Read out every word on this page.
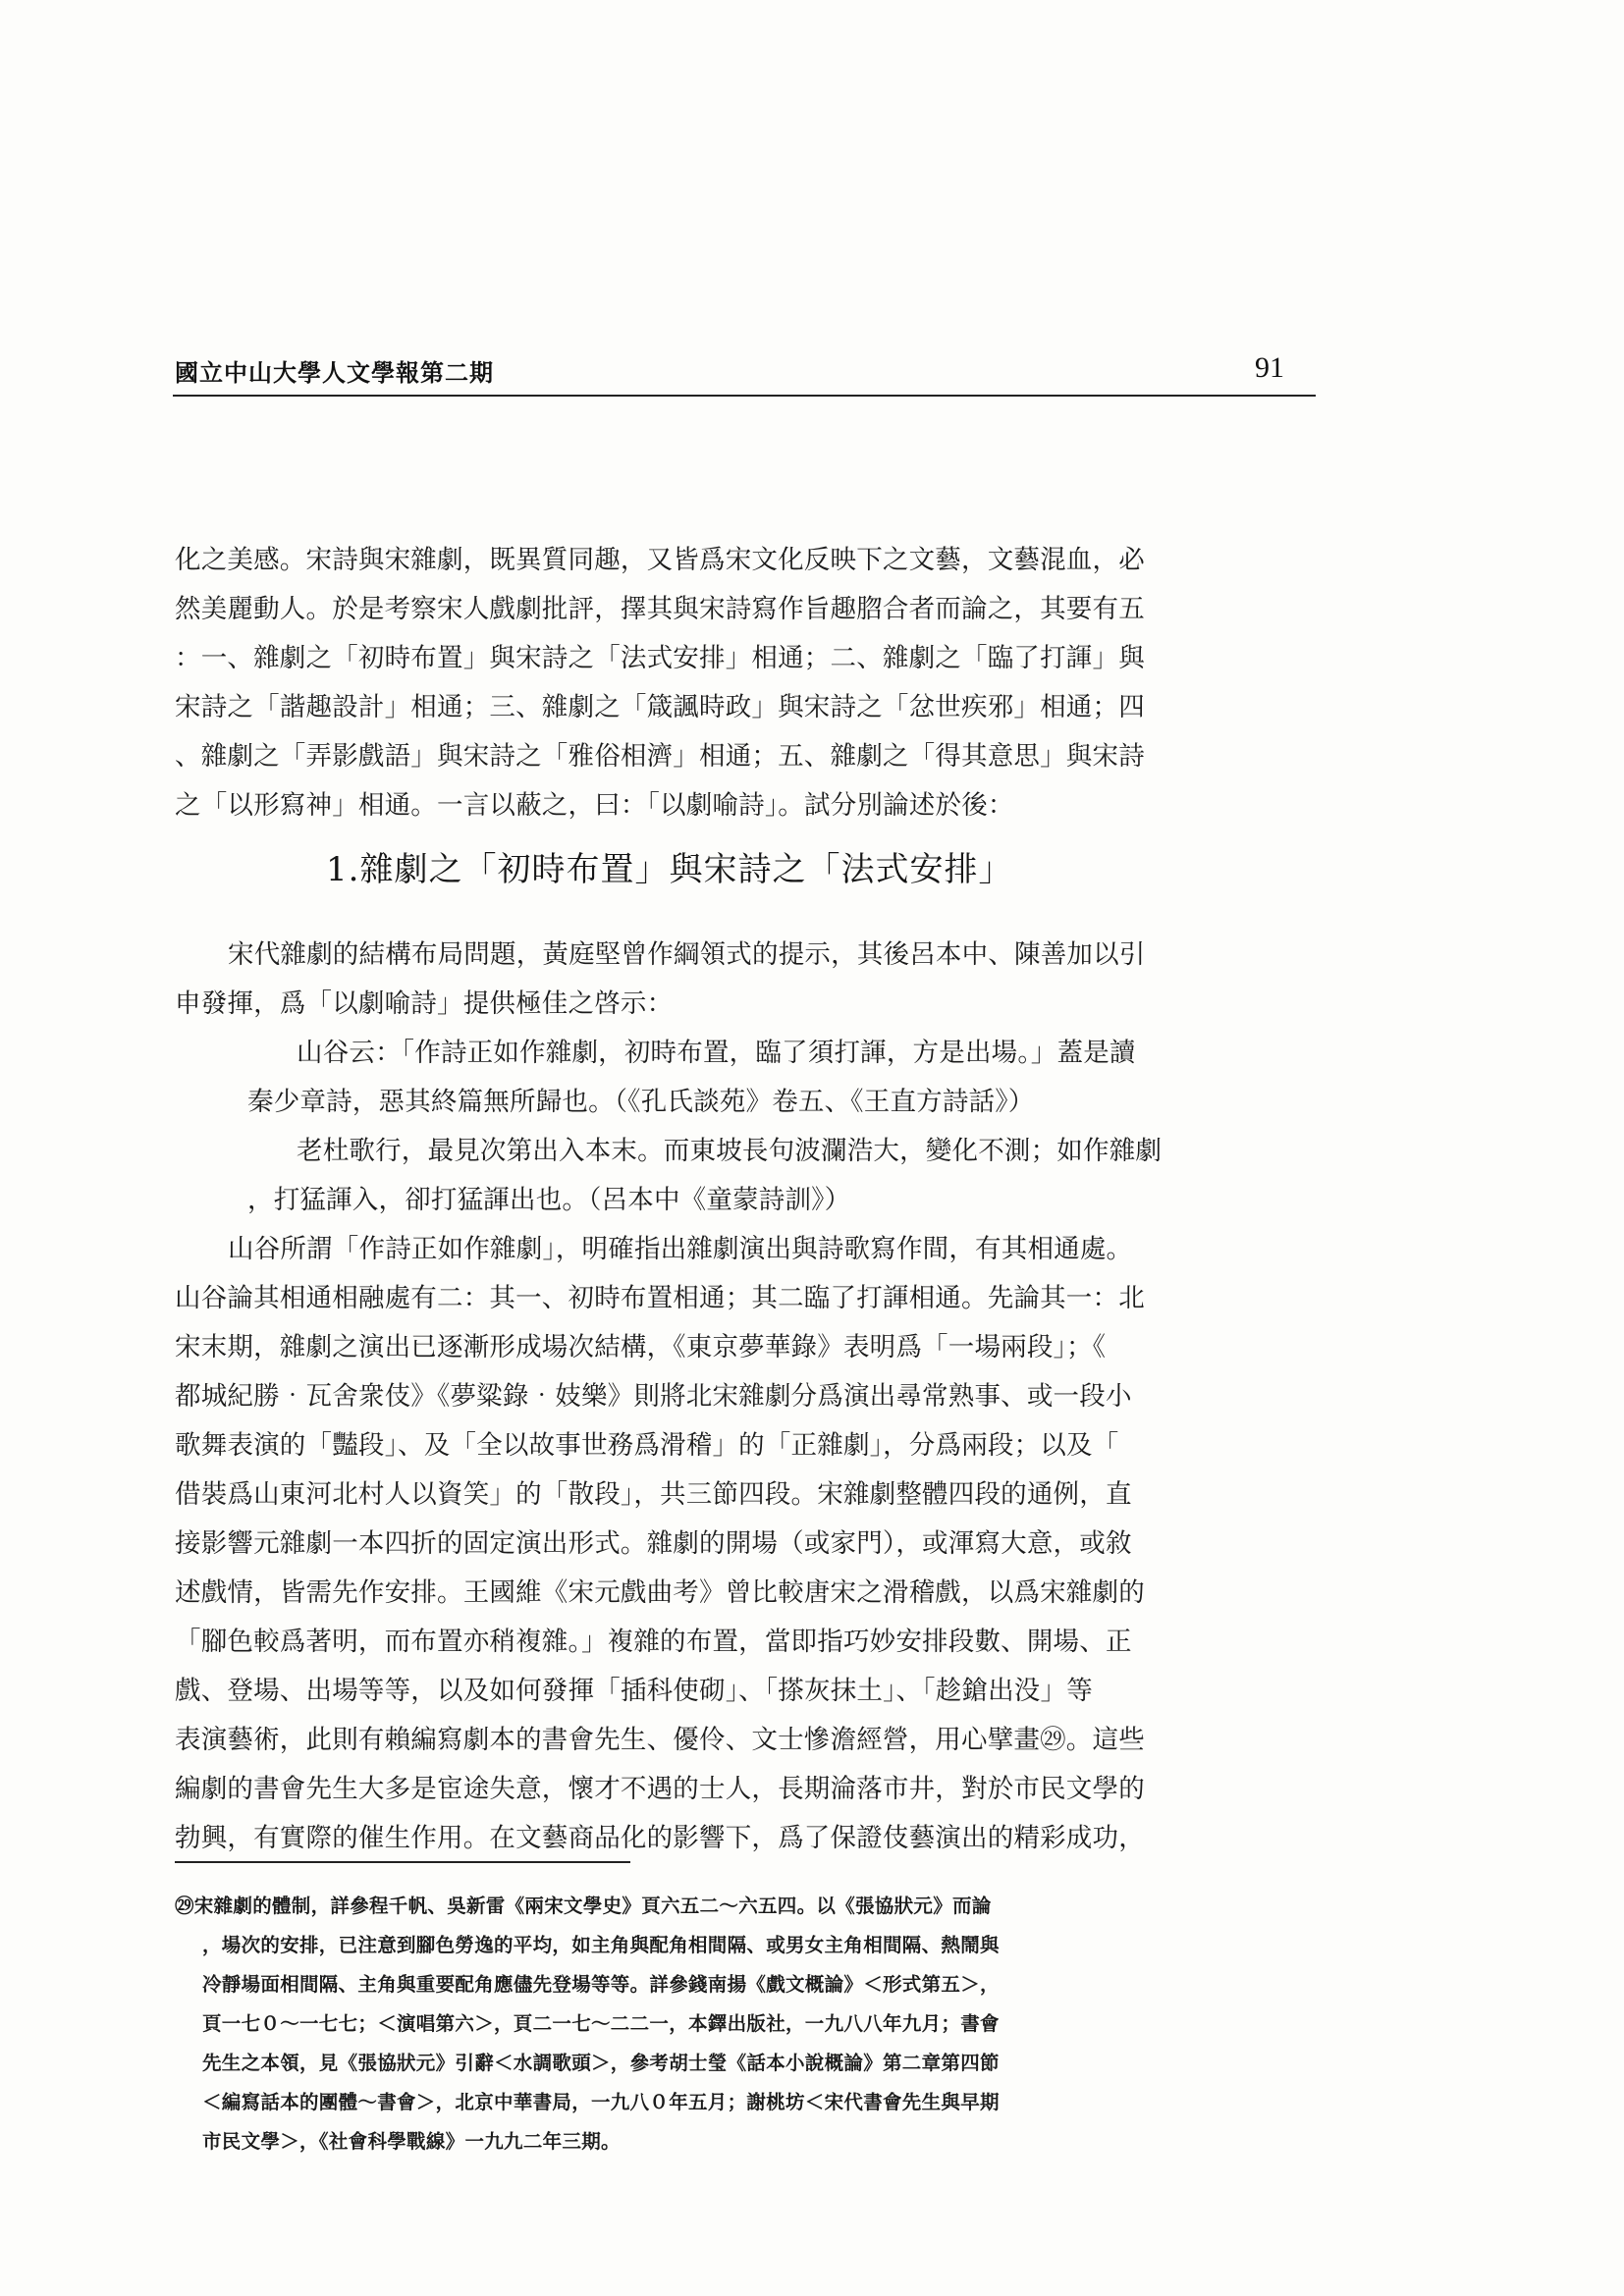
國立中山大學人文學報第二期	91
化之美感。宋詩與宋雜劇，既異質同趣，又皆爲宋文化反映下之文藝，文藝混血，必
然美麗動人。於是考察宋人戲劇批評，擇其與宋詩寫作旨趣脗合者而論之，其要有五
：一、雜劇之「初時布置」與宋詩之「法式安排」相通；二、雜劇之「臨了打諢」與
宋詩之「諧趣設計」相通；三、雜劇之「箴諷時政」與宋詩之「忿世疾邪」相通；四
、雜劇之「弄影戲語」與宋詩之「雅俗相濟」相通；五、雜劇之「得其意思」與宋詩
之「以形寫神」相通。一言以蔽之，曰：「以劇喻詩」。試分別論述於後：
1.雜劇之「初時布置」與宋詩之「法式安排」
宋代雜劇的結構布局問題，黃庭堅曾作綱領式的提示，其後呂本中、陳善加以引
申發揮，爲「以劇喻詩」提供極佳之啓示：
山谷云：「作詩正如作雜劇，初時布置，臨了須打諢，方是出場。」蓋是讀
秦少章詩，惡其終篇無所歸也。（《孔氏談苑》卷五、《王直方詩話》）
老杜歌行，最見次第出入本末。而東坡長句波瀾浩大，變化不測；如作雜劇
，打猛諢入，卻打猛諢出也。（呂本中《童蒙詩訓》）
山谷所謂「作詩正如作雜劇」，明確指出雜劇演出與詩歌寫作間，有其相通處。
山谷論其相通相融處有二：其一、初時布置相通；其二臨了打諢相通。先論其一：北
宋末期，雜劇之演出已逐漸形成場次結構，《東京夢華錄》表明爲「一場兩段」；《
都城紀勝‧瓦舍衆伎》《夢粱錄‧妓樂》則將北宋雜劇分爲演出尋常熟事、或一段小
歌舞表演的「豔段」、及「全以故事世務爲滑稽」的「正雜劇」，分爲兩段；以及「
借裝爲山東河北村人以資笑」的「散段」，共三節四段。宋雜劇整體四段的通例，直
接影響元雜劇一本四折的固定演出形式。雜劇的開場（或家門），或渾寫大意，或敘
述戲情，皆需先作安排。王國維《宋元戲曲考》曾比較唐宋之滑稽戲，以爲宋雜劇的
「腳色較爲著明，而布置亦稍複雜。」複雜的布置，當即指巧妙安排段數、開場、正
戲、登場、出場等等，以及如何發揮「插科使砌」、「搽灰抹土」、「趁鎗出没」等
表演藝術，此則有賴編寫劇本的書會先生、優伶、文士慘澹經營，用心擘畫㉙。這些
編劇的書會先生大多是宦途失意，懷才不遇的士人，長期淪落市井，對於市民文學的
勃興，有實際的催生作用。在文藝商品化的影響下，爲了保證伎藝演出的精彩成功，
㉙宋雜劇的體制，詳參程千帆、吳新雷《兩宋文學史》頁六五二～六五四。以《張協狀元》而論
，場次的安排，已注意到腳色勞逸的平均，如主角與配角相間隔、或男女主角相間隔、熱鬧與
冷靜場面相間隔、主角與重要配角應儘先登場等等。詳參錢南揚《戲文概論》＜形式第五＞，
頁一七０～一七七；＜演唱第六＞，頁二一七～二二一，本鐸出版社，一九八八年九月；書會
先生之本領，見《張協狀元》引辭＜水調歌頭＞，參考胡士瑩《話本小說概論》第二章第四節
＜編寫話本的團體～書會＞，北京中華書局，一九八０年五月；謝桃坊＜宋代書會先生與早期
市民文學＞，《社會科學戰線》一九九二年三期。
